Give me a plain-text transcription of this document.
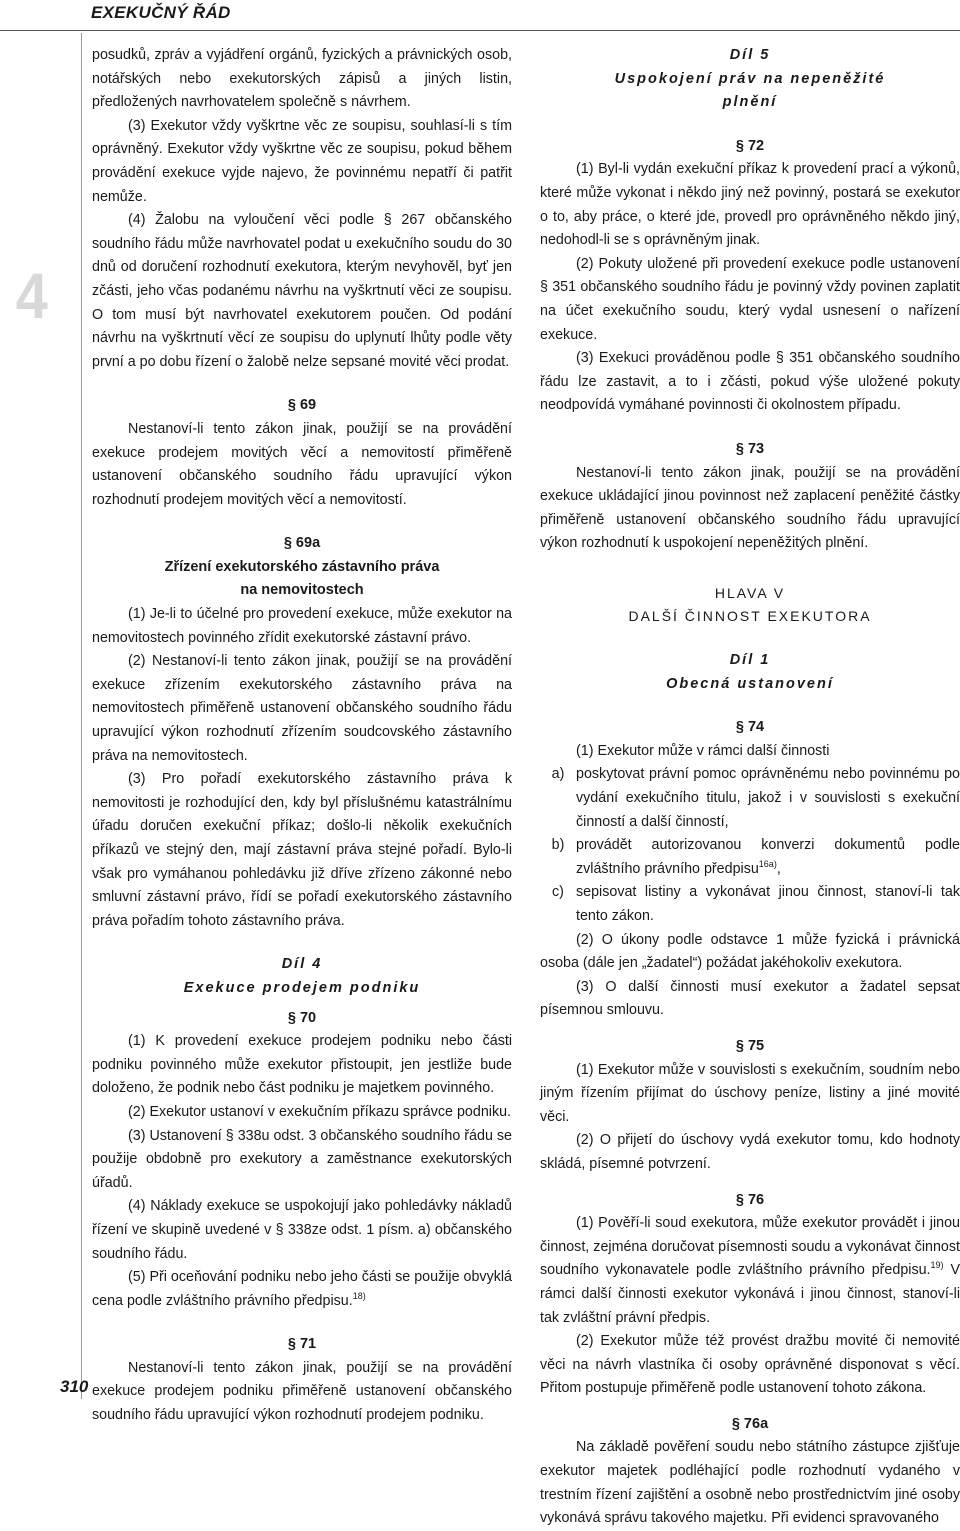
EXEKUČNÝ ŘÁD
4
310

posudků, zpráv a vyjádření orgánů, fyzických a právnických osob, notářských nebo exekutorských zápisů a jiných listin, předložených navrhovatelem společně s návrhem.

(3) Exekutor vždy vyškrtne věc ze soupisu, souhlasí-li s tím oprávněný. Exekutor vždy vyškrtne věc ze soupisu, pokud během provádění exekuce vyjde najevo, že povinnému nepatří či patřit nemůže.

(4) Žalobu na vyloučení věci podle § 267 občanského soudního řádu může navrhovatel podat u exekučního soudu do 30 dnů od doručení rozhodnutí exekutora, kterým nevyhověl, byť jen zčásti, jeho včas podanému návrhu na vyškrtnutí věci ze soupisu. O tom musí být navrhovatel exekutorem poučen. Od podání návrhu na vyškrtnutí věcí ze soupisu do uplynutí lhůty podle věty první a po dobu řízení o žalobě nelze sepsané movité věci prodat.

§ 69

Nestanoví-li tento zákon jinak, použijí se na provádění exekuce prodejem movitých věcí a nemovitostí přiměřeně ustanovení občanského soudního řádu upravující výkon rozhodnutí prodejem movitých věcí a nemovitostí.

§ 69a

Zřízení exekutorského zástavního práva

na nemovitostech

(1) Je-li to účelné pro provedení exekuce, může exekutor na nemovitostech povinného zřídit exekutorské zástavní právo.

(2) Nestanoví-li tento zákon jinak, použijí se na provádění exekuce zřízením exekutorského zástavního práva na nemovitostech přiměřeně ustanovení občanského soudního řádu upravující výkon rozhodnutí zřízením soudcovského zástavního práva na nemovitostech.

(3) Pro pořadí exekutorského zástavního práva k nemovitosti je rozhodující den, kdy byl příslušnému katastrálnímu úřadu doručen exekuční příkaz; došlo-li několik exekučních příkazů ve stejný den, mají zástavní práva stejné pořadí. Bylo-li však pro vymáhanou pohledávku již dříve zřízeno zákonné nebo smluvní zástavní právo, řídí se pořadí exekutorského zástavního práva pořadím tohoto zástavního práva.

Díl 4

Exekuce prodejem podniku

§ 70

(1) K provedení exekuce prodejem podniku nebo části podniku povinného může exekutor přistoupit, jen jestliže bude doloženo, že podnik nebo část podniku je majetkem povinného.

(2) Exekutor ustanoví v exekučním příkazu správce podniku.

(3) Ustanovení § 338u odst. 3 občanského soudního řádu se použije obdobně pro exekutory a zaměstnance exekutorských úřadů.

(4) Náklady exekuce se uspokojují jako pohledávky nákladů řízení ve skupině uvedené v § 338ze odst. 1 písm. a) občanského soudního řádu.

(5) Při oceňování podniku nebo jeho části se použije obvyklá cena podle zvláštního právního předpisu.$^{18)}$

§ 71

Nestanoví-li tento zákon jinak, použijí se na provádění exekuce prodejem podniku přiměřeně ustanovení občanského soudního řádu upravující výkon rozhodnutí prodejem podniku.

Díl 5

Uspokojení práv na nepeněžité

plnění

§ 72

(1) Byl-li vydán exekuční příkaz k provedení prací a výkonů, které může vykonat i někdo jiný než povinný, postará se exekutor o to, aby práce, o které jde, provedl pro oprávněného někdo jiný, nedohodl-li se s oprávněným jinak.

(2) Pokuty uložené při provedení exekuce podle ustanovení § 351 občanského soudního řádu je povinný vždy povinen zaplatit na účet exekučního soudu, který vydal usnesení o nařízení exekuce.

(3) Exekuci prováděnou podle § 351 občanského soudního řádu lze zastavit, a to i zčásti, pokud výše uložené pokuty neodpovídá vymáhané povinnosti či okolnostem případu.

§ 73

Nestanoví-li tento zákon jinak, použijí se na provádění exekuce ukládající jinou povinnost než zaplacení peněžité částky přiměřeně ustanovení občanského soudního řádu upravující výkon rozhodnutí k uspokojení nepeněžitých plnění.

HLAVA V

DALŠÍ ČINNOST EXEKUTORA

Díl 1

Obecná ustanovení

§ 74

(1) Exekutor může v rámci další činnosti

a) poskytovat právní pomoc oprávněnému nebo povinnému po vydání exekučního titulu, jakož i v souvislosti s exekuční činností a další činností,
b) provádět autorizovanou konverzi dokumentů podle zvláštního právního předpisu$^{16a)}$,
c) sepisovat listiny a vykonávat jinou činnost, stanoví-li tak tento zákon.

(2) O úkony podle odstavce 1 může fyzická i právnická osoba (dále jen „žadatel“) požádat jakéhokoliv exekutora.

(3) O další činnosti musí exekutor a žadatel sepsat písemnou smlouvu.

§ 75

(1) Exekutor může v souvislosti s exekučním, soudním nebo jiným řízením přijímat do úschovy peníze, listiny a jiné movité věci.

(2) O přijetí do úschovy vydá exekutor tomu, kdo hodnoty skládá, písemné potvrzení.

§ 76

(1) Pověří-li soud exekutora, může exekutor provádět i jinou činnost, zejména doručovat písemnosti soudu a vykonávat činnost soudního vykonavatele podle zvláštního právního předpisu.$^{19)}$ V rámci další činnosti exekutor vykonává i jinou činnost, stanoví-li tak zvláštní právní předpis.

(2) Exekutor může též provést dražbu movité či nemovité věci na návrh vlastníka či osoby oprávněné disponovat s věcí. Přitom postupuje přiměřeně podle ustanovení tohoto zákona.

§ 76a

Na základě pověření soudu nebo státního zástupce zjišťuje exekutor majetek podléhající podle rozhodnutí vydaného v trestním řízení zajištění a osobně nebo prostřednictvím jiné osoby vykonává správu takového majetku. Při evidenci spravovaného
